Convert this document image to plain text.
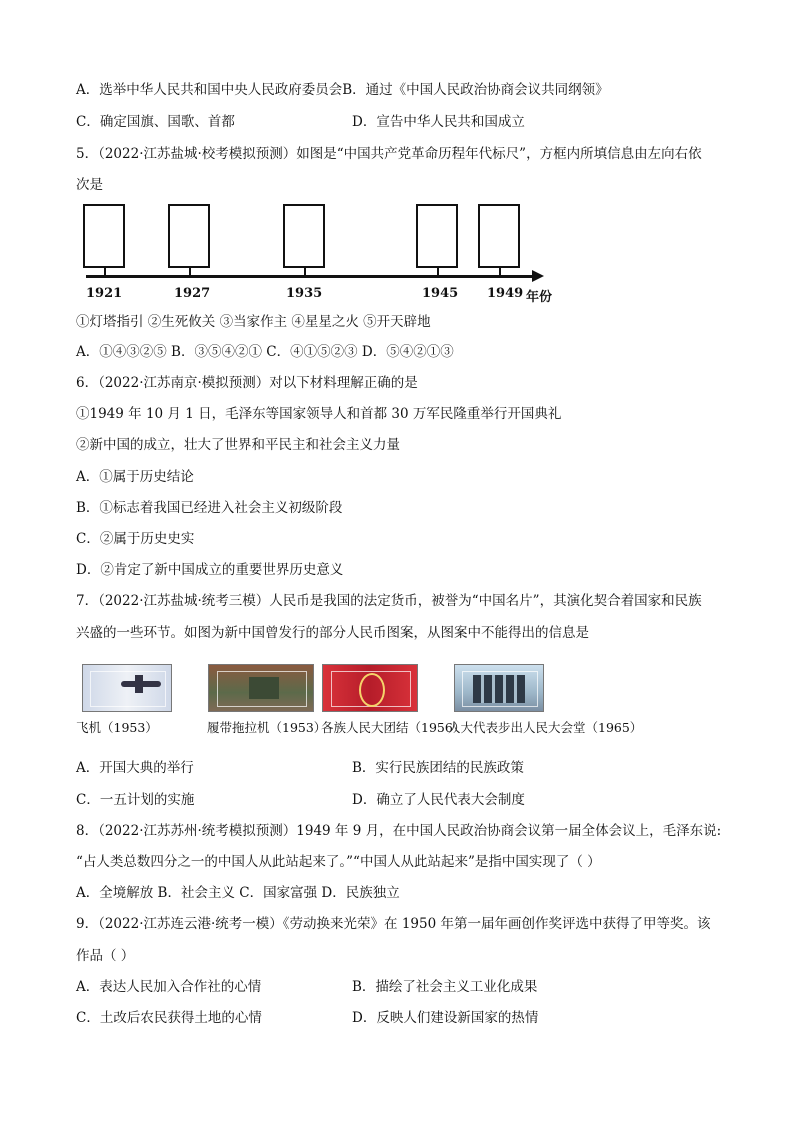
A．选举中华人民共和国中央人民政府委员会B．通过《中国人民政治协商会议共同纲领》
C．确定国旗、国歌、首都	D．宣告中华人民共和国成立
5．（2022·江苏盐城·校考模拟预测）如图是“中国共产党革命历程年代标尺”，方框内所填信息由左向右依
次是
1921	1927	1935	1945 1949 年份
①灯塔指引 ②生死攸关 ③当家作主 ④星星之火 ⑤开天辟地
A．①④③②⑤ B．③⑤④②① C．④①⑤②③ D．⑤④②①③
6．（2022·江苏南京·模拟预测）对以下材料理解正确的是
①1949 年 10 月 1 日，毛泽东等国家领导人和首都 30 万军民隆重举行开国典礼
②新中国的成立，壮大了世界和平民主和社会主义力量
A．①属于历史结论
B．①标志着我国已经进入社会主义初级阶段
C．②属于历史史实
D．②肯定了新中国成立的重要世界历史意义
7．（2022·江苏盐城·统考三模）人民币是我国的法定货币，被誉为“中国名片”，其演化契合着国家和民族
兴盛的一些环节。如图为新中国曾发行的部分人民币图案，从图案中不能得出的信息是
飞机（1953）	履带拖拉机（1953）
各族人民大团结（1956）
人大代表步出人民大会堂（1965）
A．开国大典的举行	B．实行民族团结的民族政策
C．一五计划的实施	D．确立了人民代表大会制度
8．（2022·江苏苏州·统考模拟预测）1949 年 9 月，在中国人民政治协商会议第一届全体会议上，毛泽东说:
“占人类总数四分之一的中国人从此站起来了。”“中国人从此站起来”是指中国实现了（ ）
A．全境解放 B．社会主义 C．国家富强 D．民族独立
9．（2022·江苏连云港·统考一模）《劳动换来光荣》在 1950 年第一届年画创作奖评选中获得了甲等奖。该
作品（ ）
A．表达人民加入合作社的心情	B．描绘了社会主义工业化成果
C．土改后农民获得土地的心情	D．反映人们建设新国家的热情
